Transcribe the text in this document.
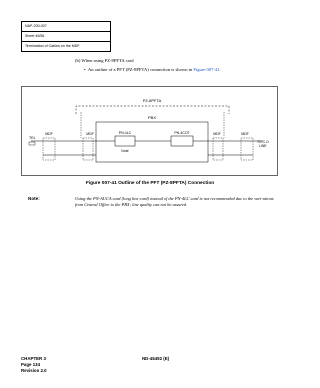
NAP-200-007
Sheet 49/56
Termination of Cables on the MDF
(b) When using PZ-8PFTA card
•  An outline of a PFT (PZ-8PFTA) connection is shown in Figure 007-41.
PZ-8PFTA
PBX
PN-4LC
Note
PN-4COT
MDF	MDF	MDF	MDF
TEL
TO C.O.
LINE
Figure 007-41 Outline of the PFT (PZ-8PFTA) Connection
Note:	Using the PN-AUCA card (long line card) instead of the PN-4LC card is not recommended due to the vari-ations from Central Office to the PBX; line quality can not be assured.
CHAPTER 3
Page 134
Revision 2.0
ND-45492 (E)
